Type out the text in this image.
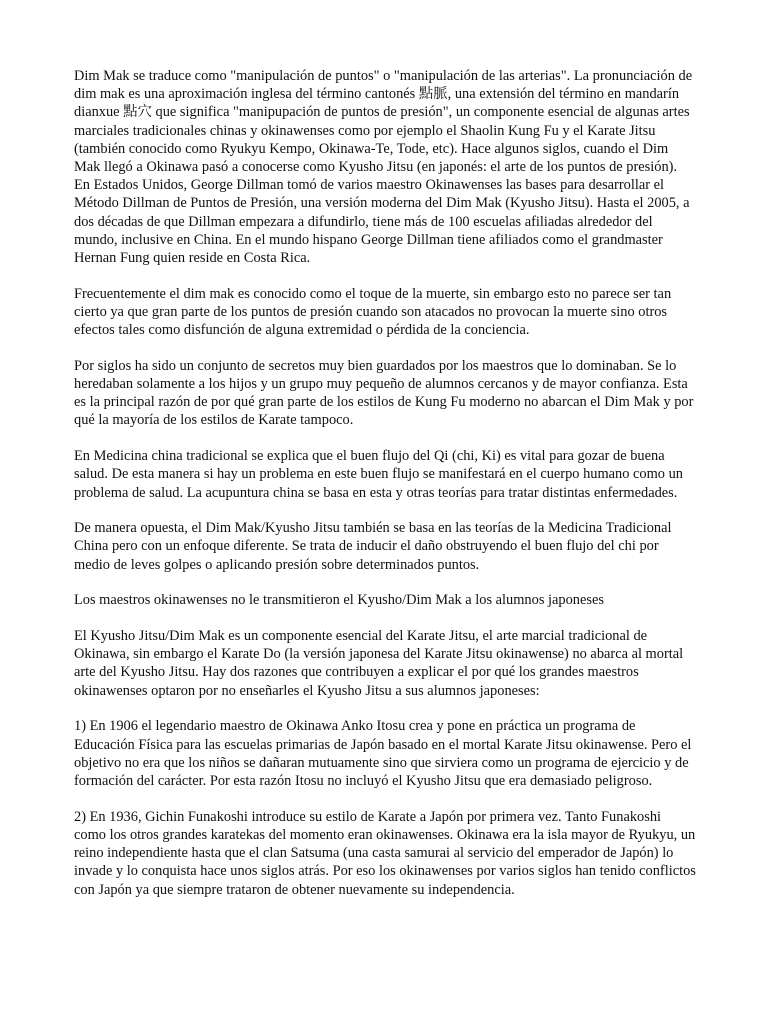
Dim Mak se traduce como "manipulación de puntos" o "manipulación de las arterias". La pronunciación de dim mak es una aproximación inglesa del término cantonés 點脈, una extensión del término en mandarín dianxue 點穴 que significa "manipupación de puntos de presión", un componente esencial de algunas artes marciales tradicionales chinas y okinawenses como por ejemplo el Shaolin Kung Fu y el Karate Jitsu (también conocido como Ryukyu Kempo, Okinawa-Te, Tode, etc). Hace algunos siglos, cuando el Dim Mak llegó a Okinawa pasó a conocerse como Kyusho Jitsu (en japonés: el arte de los puntos de presión). En Estados Unidos, George Dillman tomó de varios maestro Okinawenses las bases para desarrollar el Método Dillman de Puntos de Presión, una versión moderna del Dim Mak (Kyusho Jitsu). Hasta el 2005, a dos décadas de que Dillman empezara a difundirlo, tiene más de 100 escuelas afiliadas alrededor del mundo, inclusive en China. En el mundo hispano George Dillman tiene afiliados como el grandmaster Hernan Fung quien reside en Costa Rica.

Frecuentemente el dim mak es conocido como el toque de la muerte, sin embargo esto no parece ser tan cierto ya que gran parte de los puntos de presión cuando son atacados no provocan la muerte sino otros efectos tales como disfunción de alguna extremidad o pérdida de la conciencia.

Por siglos ha sido un conjunto de secretos muy bien guardados por los maestros que lo dominaban. Se lo heredaban solamente a los hijos y un grupo muy pequeño de alumnos cercanos y de mayor confianza. Esta es la principal razón de por qué gran parte de los estilos de Kung Fu moderno no abarcan el Dim Mak y por qué la mayoría de los estilos de Karate tampoco.

En Medicina china tradicional se explica que el buen flujo del Qi (chi, Ki) es vital para gozar de buena salud. De esta manera si hay un problema en este buen flujo se manifestará en el cuerpo humano como un problema de salud. La acupuntura china se basa en esta y otras teorías para tratar distintas enfermedades.

De manera opuesta, el Dim Mak/Kyusho Jitsu también se basa en las teorías de la Medicina Tradicional China pero con un enfoque diferente. Se trata de inducir el daño obstruyendo el buen flujo del chi por medio de leves golpes o aplicando presión sobre determinados puntos.

Los maestros okinawenses no le transmitieron el Kyusho/Dim Mak a los alumnos japoneses

El Kyusho Jitsu/Dim Mak es un componente esencial del Karate Jitsu, el arte marcial tradicional de Okinawa, sin embargo el Karate Do (la versión japonesa del Karate Jitsu okinawense) no abarca al mortal arte del Kyusho Jitsu. Hay dos razones que contribuyen a explicar el por qué los grandes maestros okinawenses optaron por no enseñarles el Kyusho Jitsu a sus alumnos japoneses:

1) En 1906 el legendario maestro de Okinawa Anko Itosu crea y pone en práctica un programa de Educación Física para las escuelas primarias de Japón basado en el mortal Karate Jitsu okinawense. Pero el objetivo no era que los niños se dañaran mutuamente sino que sirviera como un programa de ejercicio y de formación del carácter. Por esta razón Itosu no incluyó el Kyusho Jitsu que era demasiado peligroso.

2) En 1936, Gichin Funakoshi introduce su estilo de Karate a Japón por primera vez. Tanto Funakoshi como los otros grandes karatekas del momento eran okinawenses. Okinawa era la isla mayor de Ryukyu, un reino independiente hasta que el clan Satsuma (una casta samurai al servicio del emperador de Japón) lo invade y lo conquista hace unos siglos atrás. Por eso los okinawenses por varios siglos han tenido conflictos con Japón ya que siempre trataron de obtener nuevamente su independencia.
